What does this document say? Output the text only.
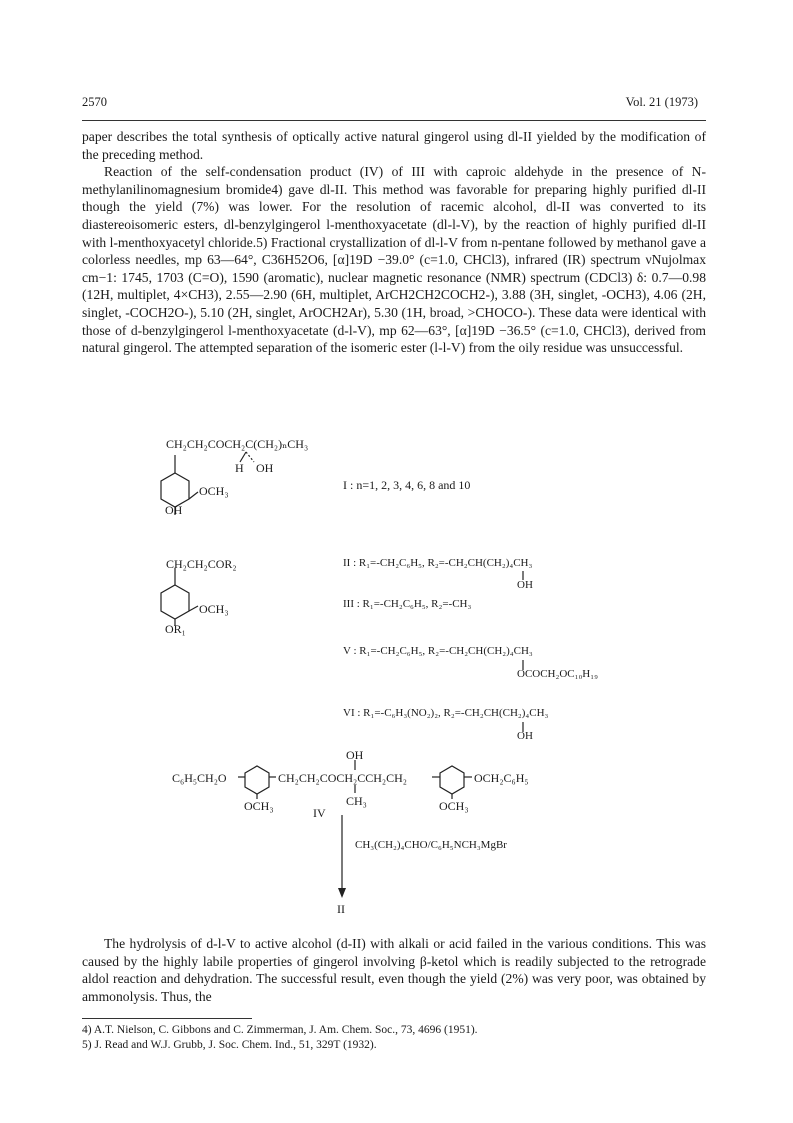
2570	Vol. 21 (1973)

paper describes the total synthesis of optically active natural gingerol using dl-II yielded by the modification of the preceding method.

Reaction of the self-condensation product (IV) of III with caproic aldehyde in the presence of N-methylanilinomagnesium bromide4) gave dl-II. This method was favorable for preparing highly purified dl-II though the yield (7%) was lower. For the resolution of racemic alcohol, dl-II was converted to its diastereoisomeric esters, dl-benzylgingerol l-menthoxyacetate (dl-l-V), by the reaction of highly purified dl-II with l-menthoxyacetyl chloride.5) Fractional crystallization of dl-l-V from n-pentane followed by methanol gave a colorless needles, mp 63—64°, C36H52O6, [α]19D −39.0° (c=1.0, CHCl3), infrared (IR) spectrum νNujolmax cm−1: 1745, 1703 (C=O), 1590 (aromatic), nuclear magnetic resonance (NMR) spectrum (CDCl3) δ: 0.7—0.98 (12H, multiplet, 4×CH3), 2.55—2.90 (6H, multiplet, ArCH2CH2COCH2-), 3.88 (3H, singlet, -OCH3), 4.06 (2H, singlet, -COCH2O-), 5.10 (2H, singlet, ArOCH2Ar), 5.30 (1H, broad, >CHOCO-). These data were identical with those of d-benzylgingerol l-menthoxyacetate (d-l-V), mp 62—63°, [α]19D −36.5° (c=1.0, CHCl3), derived from natural gingerol. The attempted separation of the isomeric ester (l-l-V) from the oily residue was unsuccessful.

CH₂CH₂COCH₂C(CH₂)ₙCH₃
H OH
OCH₃
OH
I : n=1, 2, 3, 4, 6, 8 and 10
CH₂CH₂COR₂
OCH₃
OR₁
II : R₁=-CH₂C₆H₅, R₂=-CH₂CH(CH₂)₄CH₃
OH
III : R₁=-CH₂C₆H₅, R₂=-CH₃
V : R₁=-CH₂C₆H₅, R₂=-CH₂CH(CH₂)₄CH₃
OCOCH₂OC₁₀H₁₉
VI : R₁=-C₆H₃(NO₂)₂, R₂=-CH₂CH(CH₂)₄CH₃
OH
OH
C₆H₅CH₂O	CH₂CH₂COCH₂CCH₂CH₂	OCH₂C₆H₅
OCH₃	CH₃	OCH₃
IV
CH₃(CH₂)₄CHO/C₆H₅NCH₃MgBr
II

The hydrolysis of d-l-V to active alcohol (d-II) with alkali or acid failed in the various conditions. This was caused by the highly labile properties of gingerol involving β-ketol which is readily subjected to the retrograde aldol reaction and dehydration. The successful result, even though the yield (2%) was very poor, was obtained by ammonolysis. Thus, the

4) A.T. Nielson, C. Gibbons and C. Zimmerman, J. Am. Chem. Soc., 73, 4696 (1951).
5) J. Read and W.J. Grubb, J. Soc. Chem. Ind., 51, 329T (1932).
